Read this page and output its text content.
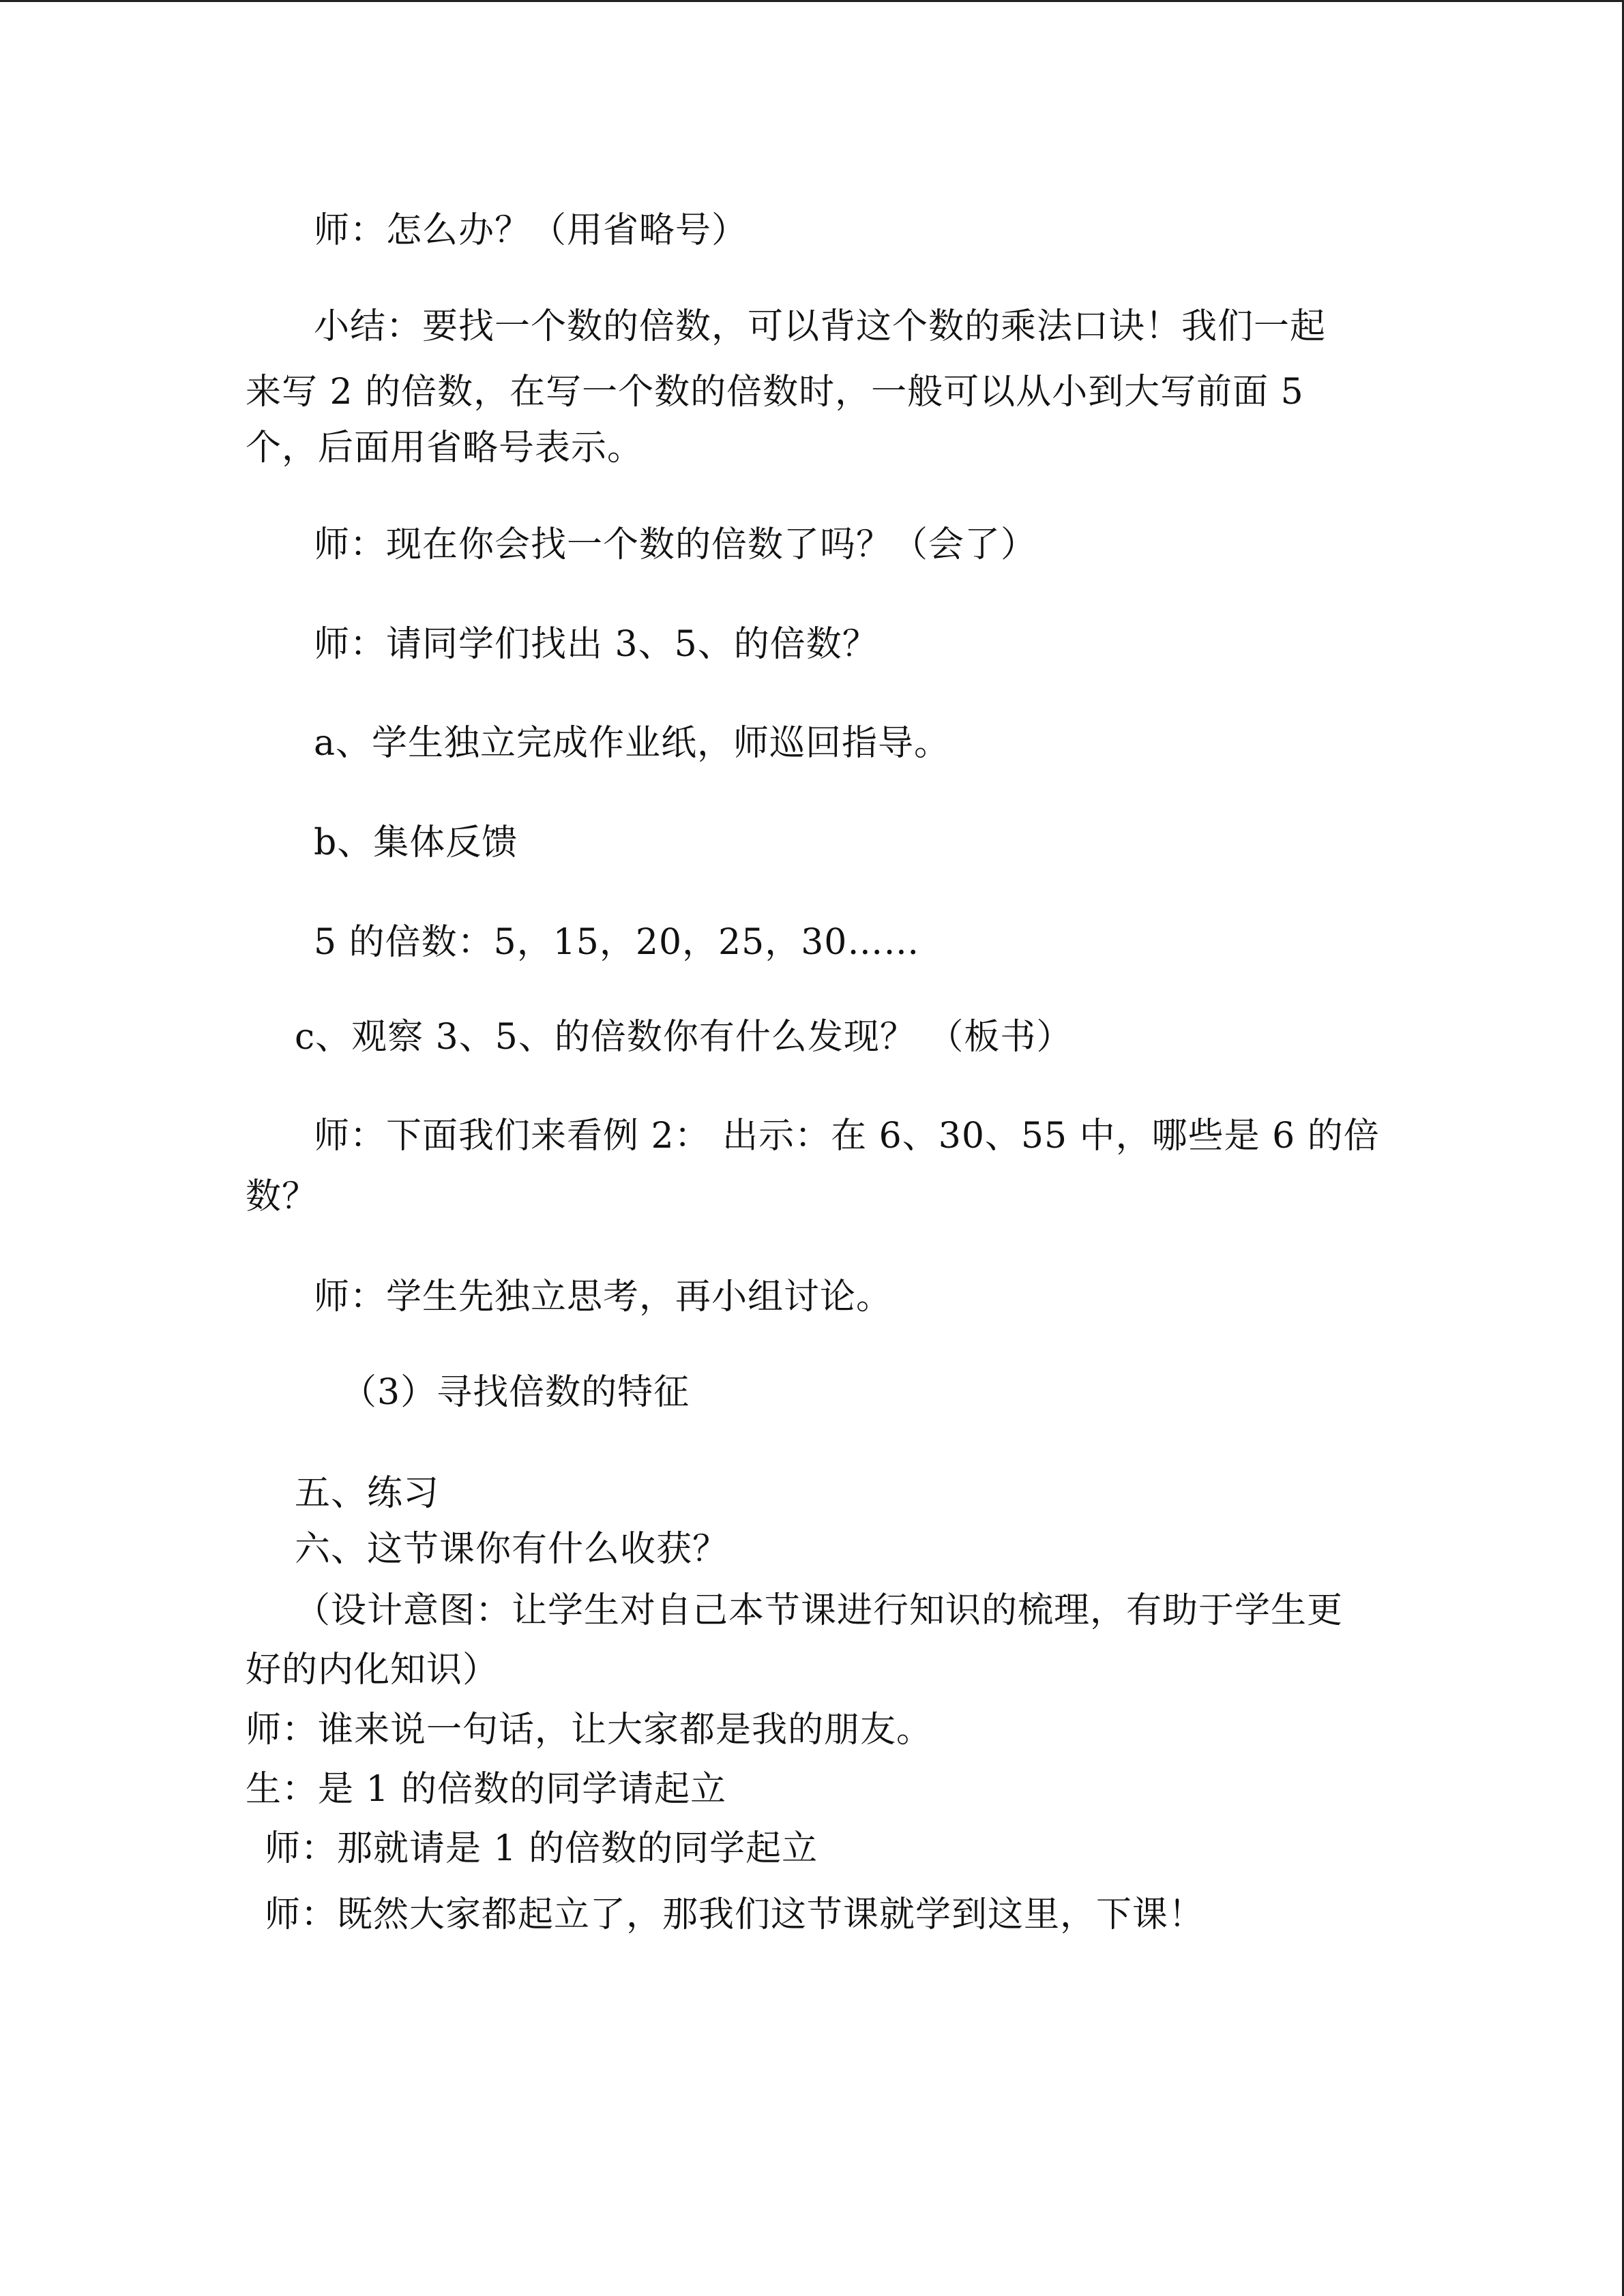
师：怎么办？（用省略号）
小结：要找一个数的倍数，可以背这个数的乘法口诀！我们一起
来写 2 的倍数，在写一个数的倍数时，一般可以从小到大写前面 5
个，后面用省略号表示。
师：现在你会找一个数的倍数了吗？（会了）
师：请同学们找出 3、5、的倍数？
a、学生独立完成作业纸，师巡回指导。
b、集体反馈
5 的倍数：5，15，20，25，30……
c、观察 3、5、的倍数你有什么发现？ （板书）
师：下面我们来看例 2： 出示：在 6、30、55 中，哪些是 6 的倍
数？
师：学生先独立思考，再小组讨论。
（3）寻找倍数的特征
五、练习
六、这节课你有什么收获？
（设计意图：让学生对自己本节课进行知识的梳理，有助于学生更
好的内化知识）
师：谁来说一句话，让大家都是我的朋友。
生：是 1 的倍数的同学请起立
师：那就请是 1 的倍数的同学起立
师：既然大家都起立了，那我们这节课就学到这里，下课！
